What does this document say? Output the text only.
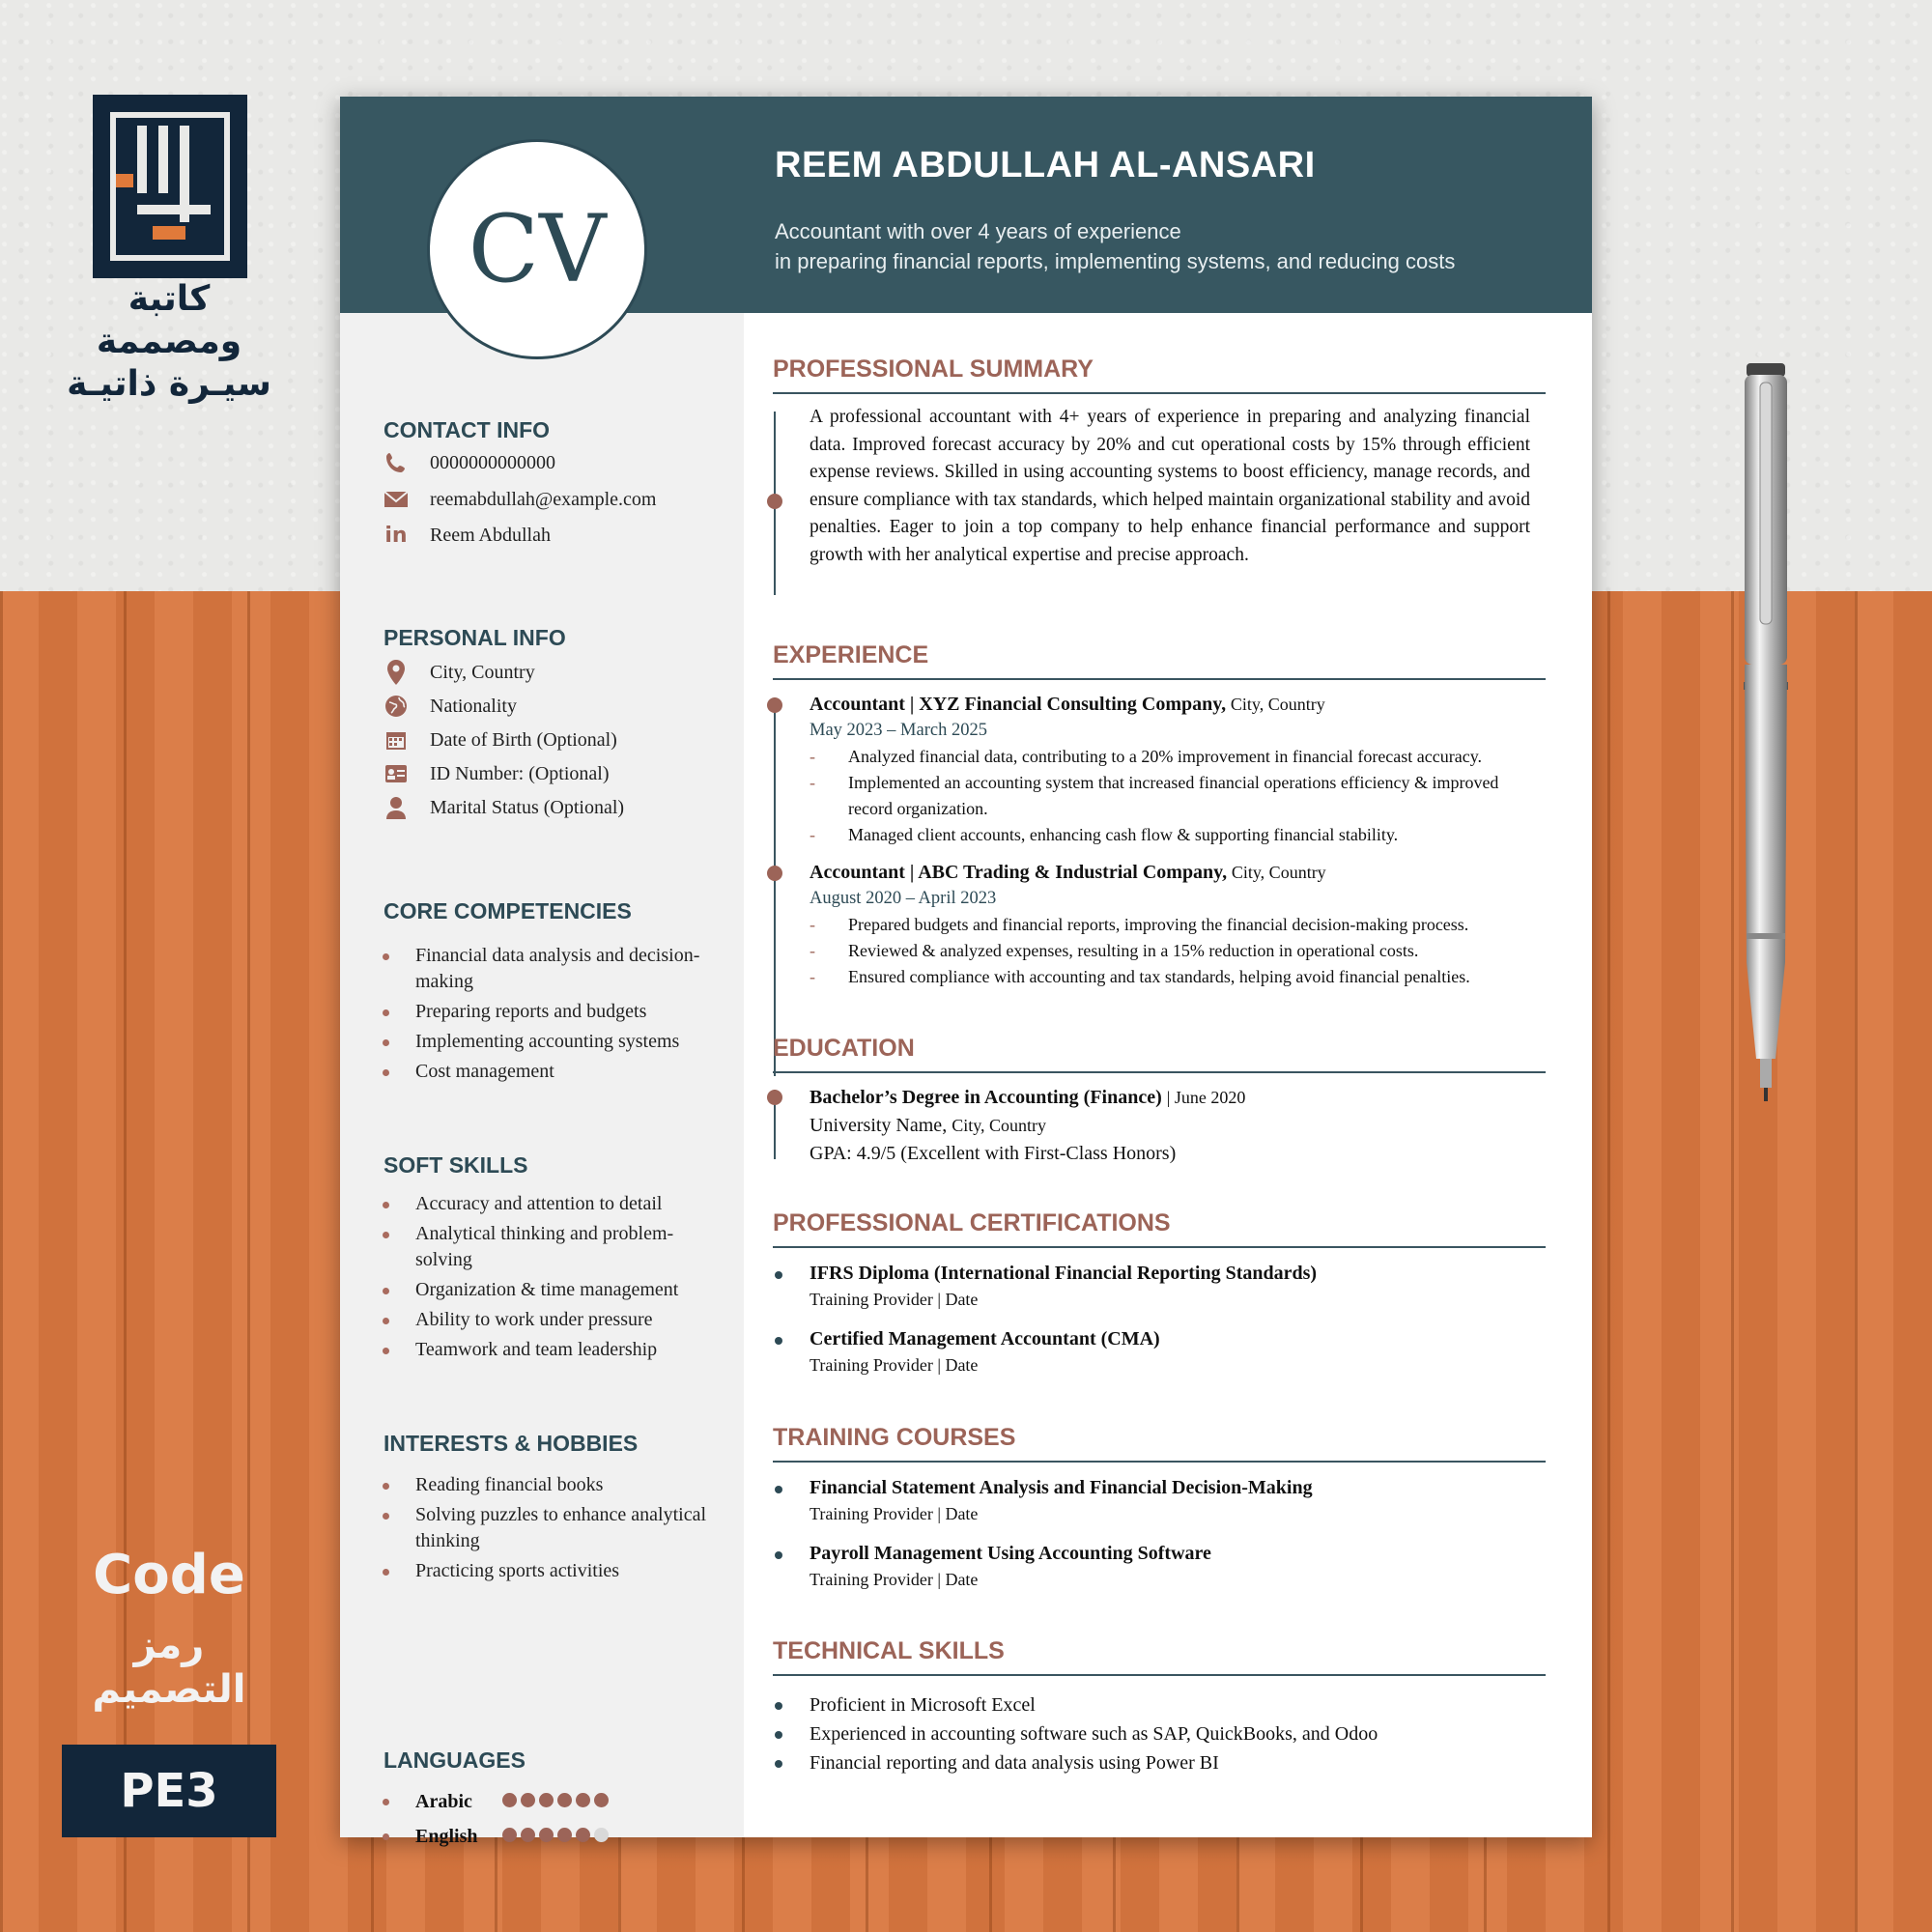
كاتبة ومصممة
سيـرة ذاتيـة
Code
رمز التصميم
PE3
CV
REEM ABDULLAH AL-ANSARI
Accountant with over 4 years of experience
in preparing financial reports, implementing systems, and reducing costs
CONTACT INFO
0000000000000
reemabdullah@example.com
in Reem Abdullah
PERSONAL INFO
City, Country
Nationality
Date of Birth (Optional)
ID Number: (Optional)
Marital Status (Optional)
CORE COMPETENCIES
Financial data analysis and decision-making
Preparing reports and budgets
Implementing accounting systems
Cost management
SOFT SKILLS
Accuracy and attention to detail
Analytical thinking and problem-solving
Organization & time management
Ability to work under pressure
Teamwork and team leadership
INTERESTS & HOBBIES
Reading financial books
Solving puzzles to enhance analytical thinking
Practicing sports activities
LANGUAGES
Arabic
English
PROFESSIONAL SUMMARY
A professional accountant with 4+ years of experience in preparing and analyzing financial data. Improved forecast accuracy by 20% and cut operational costs by 15% through efficient expense reviews. Skilled in using accounting systems to boost efficiency, manage records, and ensure compliance with tax standards, which helped maintain organizational stability and avoid penalties. Eager to join a top company to help enhance financial performance and support growth with her analytical expertise and precise approach.
EXPERIENCE
Accountant | XYZ Financial Consulting Company, City, Country
May 2023 – March 2025
- Analyzed financial data, contributing to a 20% improvement in financial forecast accuracy.
- Implemented an accounting system that increased financial operations efficiency & improved record organization.
- Managed client accounts, enhancing cash flow & supporting financial stability.
Accountant | ABC Trading & Industrial Company, City, Country
August 2020 – April 2023
- Prepared budgets and financial reports, improving the financial decision-making process.
- Reviewed & analyzed expenses, resulting in a 15% reduction in operational costs.
- Ensured compliance with accounting and tax standards, helping avoid financial penalties.
EDUCATION
Bachelor’s Degree in Accounting (Finance) | June 2020
University Name, City, Country
GPA: 4.9/5 (Excellent with First-Class Honors)
PROFESSIONAL CERTIFICATIONS
IFRS Diploma (International Financial Reporting Standards)
Training Provider | Date
Certified Management Accountant (CMA)
Training Provider | Date
TRAINING COURSES
Financial Statement Analysis and Financial Decision-Making
Training Provider | Date
Payroll Management Using Accounting Software
Training Provider | Date
TECHNICAL SKILLS
Proficient in Microsoft Excel
Experienced in accounting software such as SAP, QuickBooks, and Odoo
Financial reporting and data analysis using Power BI
